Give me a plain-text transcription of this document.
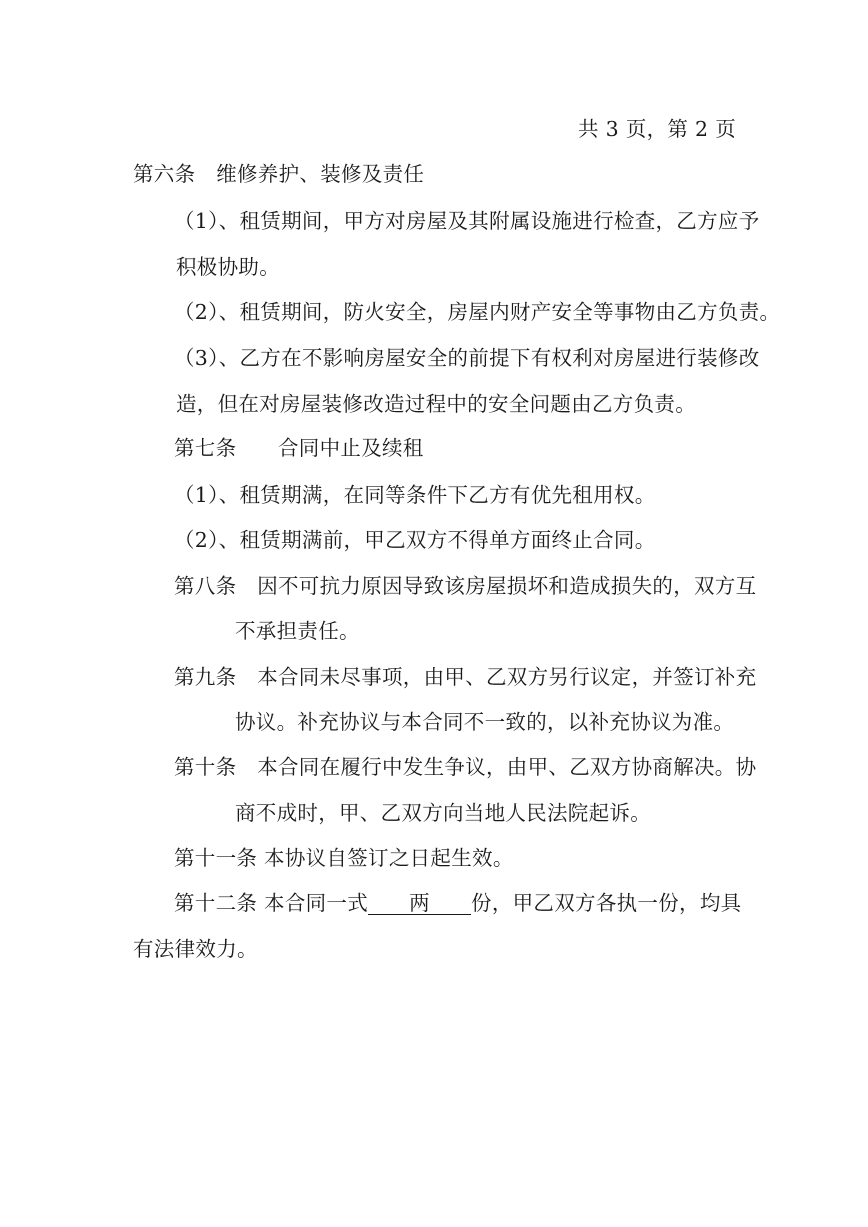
共 3 页，第 2 页
第六条　维修养护、装修及责任
（1）、租赁期间，甲方对房屋及其附属设施进行检查，乙方应予
积极协助。
（2）、租赁期间，防火安全，房屋内财产安全等事物由乙方负责。
（3）、乙方在不影响房屋安全的前提下有权利对房屋进行装修改
造，但在对房屋装修改造过程中的安全问题由乙方负责。
第七条　　合同中止及续租
（1）、租赁期满，在同等条件下乙方有优先租用权。
（2）、租赁期满前，甲乙双方不得单方面终止合同。
第八条　因不可抗力原因导致该房屋损坏和造成损失的，双方互
不承担责任。
第九条　本合同未尽事项，由甲、乙双方另行议定，并签订补充
协议。补充协议与本合同不一致的，以补充协议为准。
第十条　本合同在履行中发生争议，由甲、乙双方协商解决。协
商不成时，甲、乙双方向当地人民法院起诉。
第十一条 本协议自签订之日起生效。
第十二条 本合同一式 两 份，甲乙双方各执一份，均具
有法律效力。
